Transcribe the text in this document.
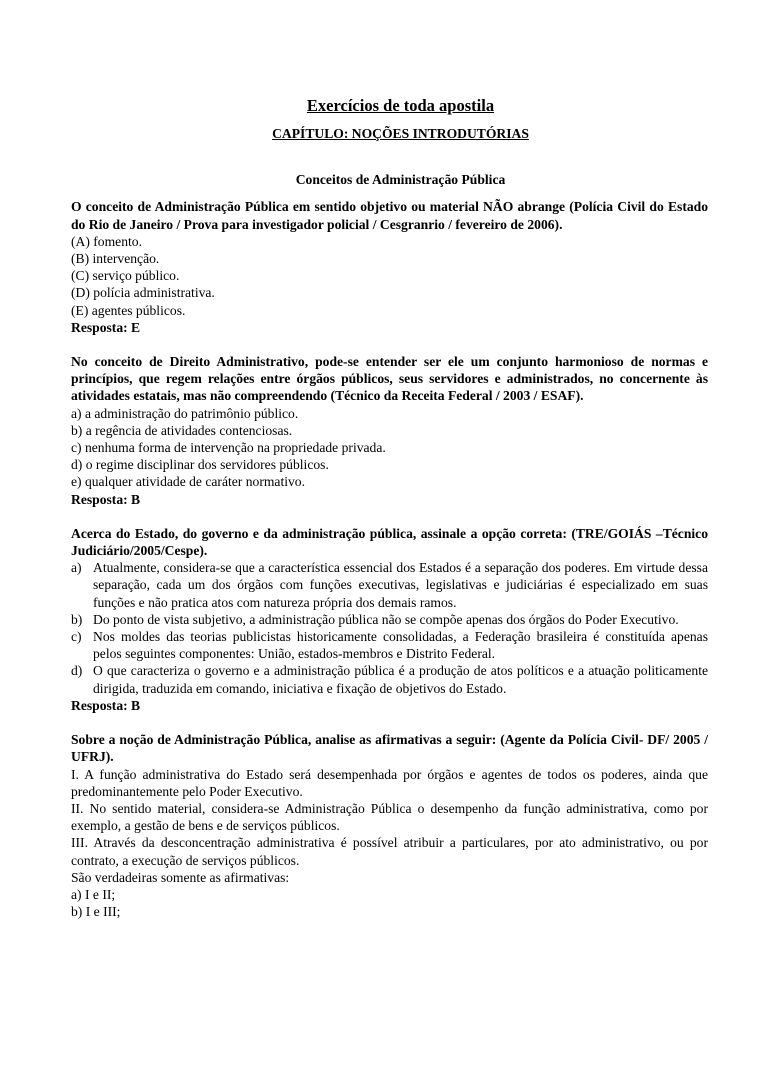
Exercícios de toda apostila

CAPÍTULO: NOÇÕES INTRODUTÓRIAS

Conceitos de Administração Pública

O conceito de Administração Pública em sentido objetivo ou material NÃO abrange (Polícia Civil do Estado do Rio de Janeiro / Prova para investigador policial / Cesgranrio / fevereiro de 2006).

(A) fomento.

(B) intervenção.

(C) serviço público.

(D) polícia administrativa.

(E) agentes públicos.

Resposta: E

No conceito de Direito Administrativo, pode-se entender ser ele um conjunto harmonioso de normas e princípios, que regem relações entre órgãos públicos, seus servidores e administrados, no concernente às atividades estatais, mas não compreendendo (Técnico da Receita Federal / 2003 / ESAF).

a) a administração do patrimônio público.

b) a regência de atividades contenciosas.

c) nenhuma forma de intervenção na propriedade privada.

d) o regime disciplinar dos servidores públicos.

e) qualquer atividade de caráter normativo.

Resposta: B

Acerca do Estado, do governo e da administração pública, assinale a opção correta: (TRE/GOIÁS –Técnico Judiciário/2005/Cespe).

a) Atualmente, considera-se que a característica essencial dos Estados é a separação dos poderes. Em virtude dessa separação, cada um dos órgãos com funções executivas, legislativas e judiciárias é especializado em suas funções e não pratica atos com natureza própria dos demais ramos.

b) Do ponto de vista subjetivo, a administração pública não se compõe apenas dos órgãos do Poder Executivo.

c) Nos moldes das teorias publicistas historicamente consolidadas, a Federação brasileira é constituída apenas pelos seguintes componentes: União, estados-membros e Distrito Federal.

d) O que caracteriza o governo e a administração pública é a produção de atos políticos e a atuação politicamente dirigida, traduzida em comando, iniciativa e fixação de objetivos do Estado.

Resposta: B

Sobre a noção de Administração Pública, analise as afirmativas a seguir: (Agente da Polícia Civil- DF/ 2005 / UFRJ).

I. A função administrativa do Estado será desempenhada por órgãos e agentes de todos os poderes, ainda que predominantemente pelo Poder Executivo.

II. No sentido material, considera-se Administração Pública o desempenho da função administrativa, como por exemplo, a gestão de bens e de serviços públicos.

III. Através da desconcentração administrativa é possível atribuir a particulares, por ato administrativo, ou por contrato, a execução de serviços públicos.

São verdadeiras somente as afirmativas:

a) I e II;

b) I e III;
